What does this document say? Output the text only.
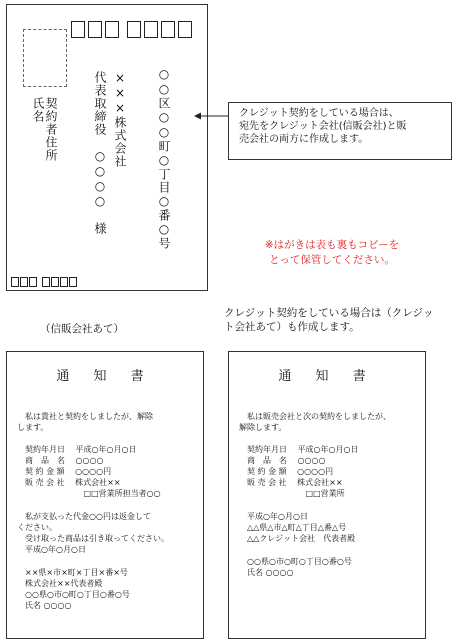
○○区○○町○丁目○番○号
×××株式会社
代表取締役　○○○○　様
契約者住所
氏名	クレジット契約をしている場合は、
宛先をクレジット会社(信販会社)と販
売会社の両方に作成します。
※はがきは表も裏もコピーを
とって保管してください。
（信販会社あて）
クレジット契約をしている場合は（クレジッ
ト会社あて）も作成します。
通 知 書
私は貴社と契約をしましたが、解除
します。
契約年月日　 平成○年○月○日
商　品　名　 ○○○○
契 約 金 額　 ○○○○円
販 売 会 社　 株式会社××
　　　　　　　 □□営業所担当者○○
私が支払った代金○○円は返金して
ください。
受け取った商品は引き取ってください。
平成○年○月○日
××県×市×町×丁目×番×号
株式会社××代表者殿
○○県○市○町○丁目○番○号
氏名 ○○○○
通 知 書
私は販売会社と次の契約をしましたが、
解除します。
契約年月日　 平成○年○月○日
商　品　名　 ○○○○
契 約 金 額　 ○○○○円
販 売 会 社　 株式会社××
　　　　　　　 □□営業所
平成○年○月○日
△△県△市△町△丁目△番△号
△△クレジット会社　代表者殿
○○県○市○町○丁目○番○号
氏名 ○○○○
